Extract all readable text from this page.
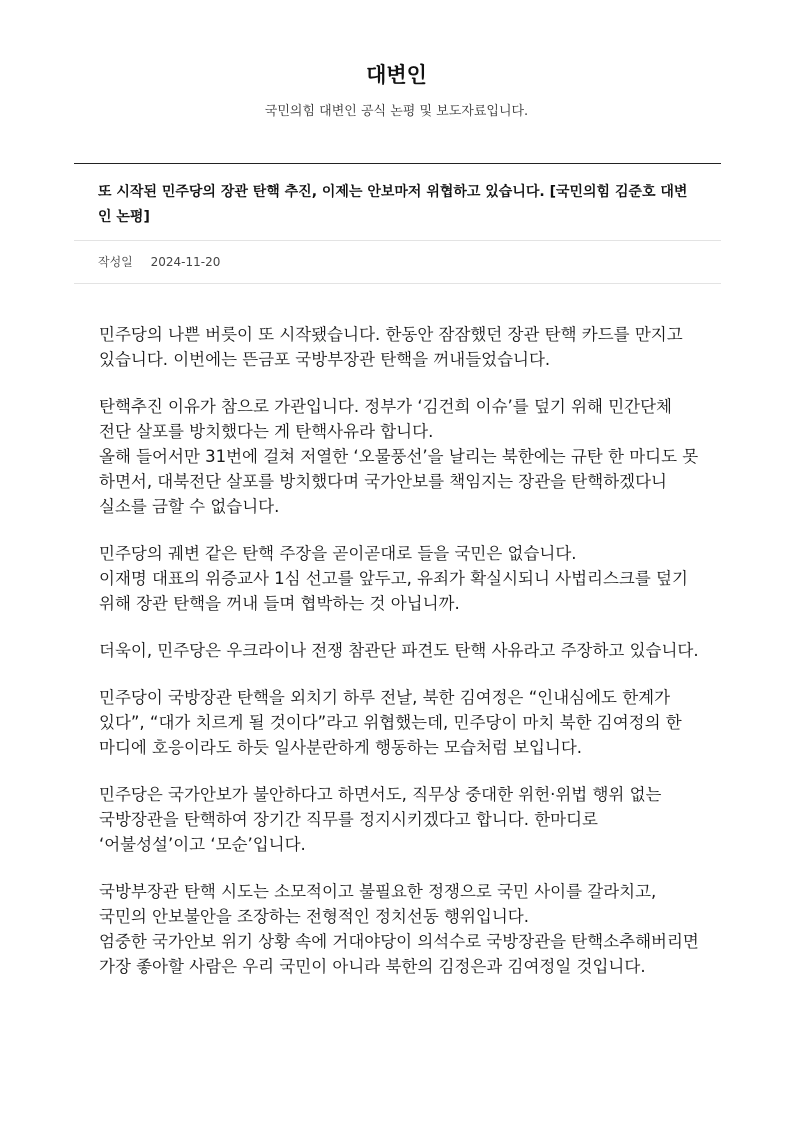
대변인
국민의힘 대변인 공식 논평 및 보도자료입니다.
또 시작된 민주당의 장관 탄핵 추진, 이제는 안보마저 위협하고 있습니다. [국민의힘 김준호 대변인 논평]
작성일 2024-11-20

민주당의 나쁜 버릇이 또 시작됐습니다. 한동안 잠잠했던 장관 탄핵 카드를 만지고 있습니다. 이번에는 뜬금포 국방부장관 탄핵을 꺼내들었습니다.

탄핵추진 이유가 참으로 가관입니다. 정부가 ‘김건희 이슈’를 덮기 위해 민간단체 전단 살포를 방치했다는 게 탄핵사유라 합니다.
올해 들어서만 31번에 걸쳐 저열한 ‘오물풍선’을 날리는 북한에는 규탄 한 마디도 못 하면서, 대북전단 살포를 방치했다며 국가안보를 책임지는 장관을 탄핵하겠다니 실소를 금할 수 없습니다.

민주당의 궤변 같은 탄핵 주장을 곧이곧대로 들을 국민은 없습니다.
이재명 대표의 위증교사 1심 선고를 앞두고, 유죄가 확실시되니 사법리스크를 덮기 위해 장관 탄핵을 꺼내 들며 협박하는 것 아닙니까.

더욱이, 민주당은 우크라이나 전쟁 참관단 파견도 탄핵 사유라고 주장하고 있습니다.

민주당이 국방장관 탄핵을 외치기 하루 전날, 북한 김여정은 “인내심에도 한계가 있다”, “대가 치르게 될 것이다”라고 위협했는데, 민주당이 마치 북한 김여정의 한 마디에 호응이라도 하듯 일사분란하게 행동하는 모습처럼 보입니다.

민주당은 국가안보가 불안하다고 하면서도, 직무상 중대한 위헌·위법 행위 없는 국방장관을 탄핵하여 장기간 직무를 정지시키겠다고 합니다. 한마디로 ‘어불성설’이고 ‘모순’입니다.

국방부장관 탄핵 시도는 소모적이고 불필요한 정쟁으로 국민 사이를 갈라치고, 국민의 안보불안을 조장하는 전형적인 정치선동 행위입니다.
엄중한 국가안보 위기 상황 속에 거대야당이 의석수로 국방장관을 탄핵소추해버리면 가장 좋아할 사람은 우리 국민이 아니라 북한의 김정은과 김여정일 것입니다.
